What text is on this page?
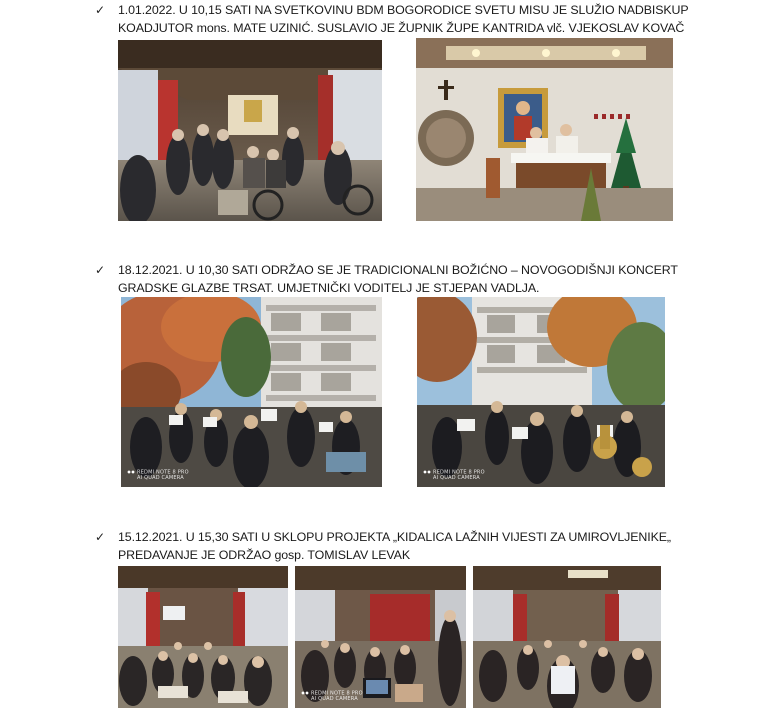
✓ 1.01.2022. U 10,15 SATI NA SVETKOVINU BDM BOGORODICE SVETU MISU JE SLUŽIO NADBISKUP
KOADJUTOR mons. MATE UZINIĆ. SUSLAVIO JE ŽUPNIK ŽUPE KANTRIDA vlč. VJEKOSLAV KOVAČ
✓ 18.12.2021. U 10,30 SATI ODRŽAO SE JE TRADICIONALNI BOŽIĆNO – NOVOGODIŠNJI KONCERT
GRADSKE GLAZBE TRSAT. UMJETNIČKI VODITELJ JE STJEPAN VADLJA.
REDMI NOTE 8 PRO
AI QUAD CAMERA
REDMI NOTE 8 PRO
AI QUAD CAMERA
✓ 15.12.2021. U 15,30 SATI U SKLOPU PROJEKTA „KIDALICA LAŽNIH VIJESTI ZA UMIROVLJENIKE„
PREDAVANJE JE ODRŽAO gosp. TOMISLAV LEVAK
REDMI NOTE 8 PRO
AI QUAD CAMERA
